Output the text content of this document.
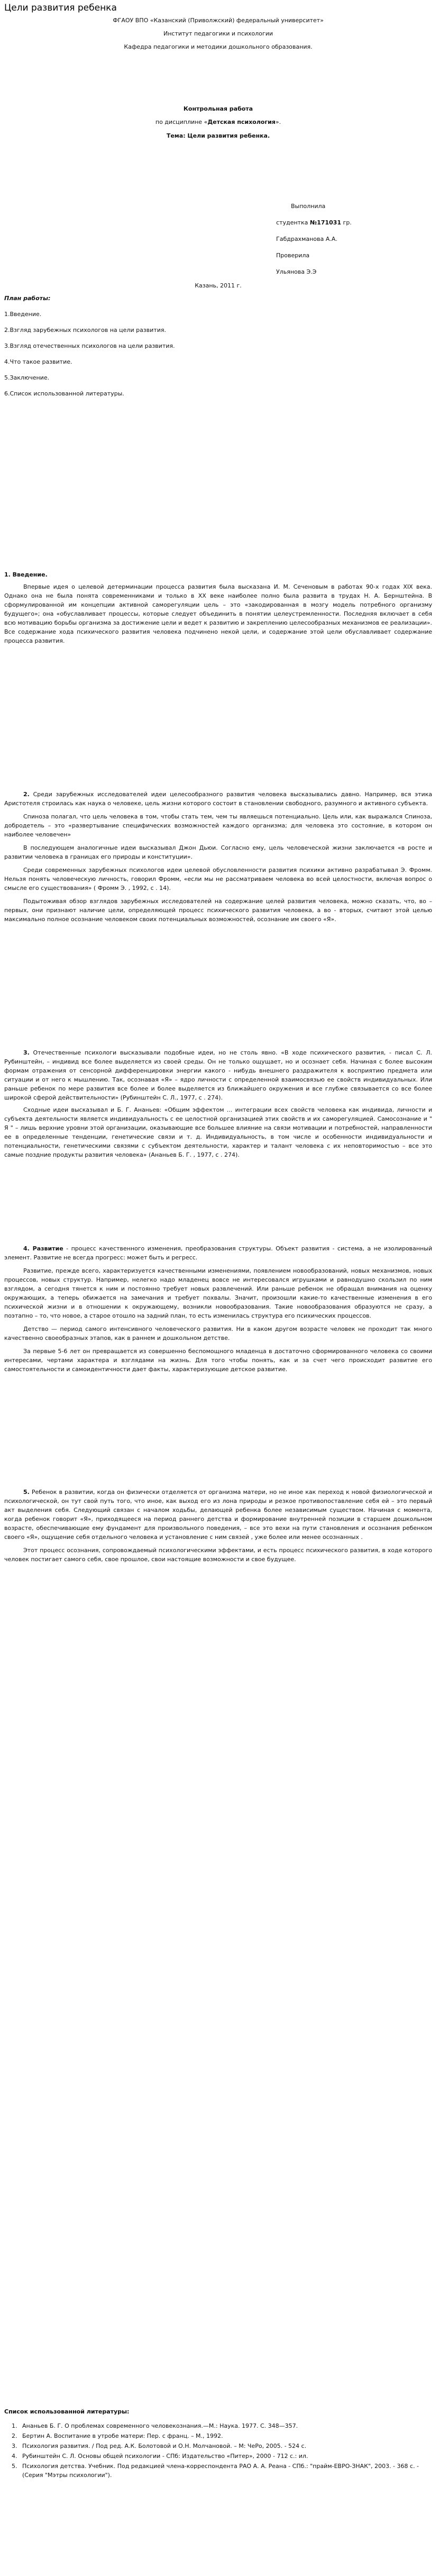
Цели развития ребенка

ФГАОУ ВПО «Казанский (Приволжский) федеральный университет»

Институт педагогики и психологии

Кафедра педагогики и методики дошкольного образования.

Контрольная работа

по дисциплине «Детская психология».

Тема: Цели развития ребенка.

Выполнила

студентка №171031 гр.

Габдрахманова А.А.

Проверила

Ульянова Э.Э

Казань, 2011 г.

План работы:

1.Введение.

2.Взгляд зарубежных психологов на цели развития.

3.Взгляд отечественных психологов на цели развития.

4.Что такое развитие.

5.Заключение.

6.Список использованной литературы.

1. Введение.

Впервые идея о целевой детерминации процесса развития была высказана И. М. Сеченовым в работах 90-х годах XIX века. Однако она не была понята современниками и только в XX веке наиболее полно была развита в трудах Н. А. Бернштейна. В сформулированной им концепции активной саморегуляции цель – это «закодированная в мозгу модель потребного организму будущего»; она «обуславливает процессы, которые следует объединить в понятии целеустремленности. Последняя включает в себя всю мотивацию борьбы организма за достижение цели и ведет к развитию и закреплению целесообразных механизмов ее реализации». Все содержание хода психического развития человека подчинено некой цели, и содержание этой цели обуславливает содержание процесса развития.

2. Среди зарубежных исследователей идеи целесообразного развития человека высказывались давно. Например, вся этика Аристотеля строилась как наука о человеке, цель жизни которого состоит в становлении свободного, разумного и активного субъекта.

Спиноза полагал, что цель человека в том, чтобы стать тем, чем ты являешься потенциально. Цель или, как выражался Спиноза, добродетель – это «развертывание специфических возможностей каждого организма; для человека это состояние, в котором он наиболее человечен»

В последующем аналогичные идеи высказывал Джон Дьюи. Согласно ему, цель человеческой жизни заключается «в росте и развитии человека в границах его природы и конституции».

Среди современных зарубежных психологов идеи целевой обусловленности развития психики активно разрабатывал Э. Фромм. Нельзя понять человеческую личность, говорил Фромм, «если мы не рассматриваем человека во всей целостности, включая вопрос о смысле его существования» ( Фромм Э. , 1992, с . 14).

Подытоживая обзор взглядов зарубежных исследователей на содержание целей развития человека, можно сказать, что, во – первых, они признают наличие цели, определяющей процесс психического развития человека, а во - вторых, считают этой целью максимально полное осознание человеком своих потенциальных возможностей, осознание им своего «Я».

3. Отечественные психологи высказывали подобные идеи, но не столь явно. «В ходе психического развития, - писал С. Л. Рубинштейн, – индивид все более выделяется из своей среды. Он не только ощущает, но и осознает себя. Начиная с более высоким формам отражения от сенсорной дифференцировки энергии какого - нибудь внешнего раздражителя к восприятию предмета или ситуации и от него к мышлению. Так, осознавая «Я» – ядро личности с определенной взаимосвязью ее свойств индивидуальных. Или раньше ребенок по мере развития все более и более выделяется из ближайшего окружения и все глубже связывается со все более широкой сферой действительности» (Рубинштейн С. Л., 1977, с . 274).

Сходные идеи высказывал и Б. Г. Ананьев: «Общим эффектом ... интеграции всех свойств человека как индивида, личности и субъекта деятельности является индивидуальность с ее целостной организацией этих свойств и их саморегуляцией. Самосознание и " Я " – лишь верхние уровни этой организации, оказывающие все большее влияние на связи мотивации и потребностей, направленности ее в определенные тенденции, генетические связи и т. д. Индивидуальность, в том числе и особенности индивидуальности и потенциальности, генетическими связями с субъектом деятельности, характер и талант человека с их неповторимостью – все это самые поздние продукты развития человека» (Ананьев Б. Г. , 1977, с . 274).

4. Развитие - процесс качественного изменения, преобразования структуры. Объект развития - система, а не изолированный элемент. Развитие не всегда прогресс: может быть и регресс.

Развитие, прежде всего, характеризуется качественными изменениями, появлением новообразований, новых механизмов, новых процессов, новых структур. Например, нелегко надо младенец вовсе не интересовался игрушками и равнодушно скользил по ним взглядом, а сегодня тянется к ним и постоянно требует новых развлечений. Или раньше ребенок не обращал внимания на оценку окружающих, а теперь обижается на замечания и требует похвалы. Значит, произошли какие-то качественные изменения в его психической жизни и в отношении к окружающему, возникли новообразования. Такие новообразования образуются не сразу, а поэтапно – то, что новое, а старое отошло на задний план, то есть изменилась структура его психических процессов.

Детство — период самого интенсивного человеческого развития. Ни в каком другом возрасте человек не проходит так много качественно своеобразных этапов, как в раннем и дошкольном детстве.

За первые 5-6 лет он превращается из совершенно беспомощного младенца в достаточно сформированного человека со своими интересами, чертами характера и взглядами на жизнь. Для того чтобы понять, как и за счет чего происходит развитие его самостоятельности и самоидентичности дает факты, характеризующие детское развитие.

5. Ребенок в развитии, когда он физически отделяется от организма матери, но не иное как переход к новой физиологической и психологической, он тут свой путь того, что иное, как выход его из лона природы и резкое противопоставление себя ей – это первый акт выделения себя. Следующий связан с началом ходьбы, делающей ребенка более независимым существом. Начиная с момента, когда ребенок говорит «Я», приходящееся на период раннего детства и формирование внутренней позиции в старшем дошкольном возрасте, обеспечивающие ему фундамент для произвольного поведения, – все это вехи на пути становления и осознания ребенком своего «Я», ощущение себя отдельного человека и установление с ним связей , уже более или менее осознанных .

Этот процесс осознания, сопровождаемый психологическими эффектами, и есть процесс психического развития, в ходе которого человек постигает самого себя, свое прошлое, свои настоящие возможности и свое будущее.

Список использованной литературы:

1. Ананьев Б. Г. О проблемах современного человекознания.—М.: Наука. 1977. С. 348—357.
2. Бертин А. Воспитание в утробе матери: Пер. с франц. – М., 1992.
3. Психология развития. / Под ред. А.К. Болотовой и О.Н. Молчановой. – М: ЧеРо, 2005. - 524 с.
4. Рубинштейн С. Л. Основы общей психологии - СПб: Издательство «Питер», 2000 - 712 с.: ил.
5. Психология детства. Учебник. Под редакцией члена-корреспондента РАО А. А. Реана - СПб.: "прайм-ЕВРО-ЗНАК", 2003. - 368 с. - (Серия "Мэтры психологии").
